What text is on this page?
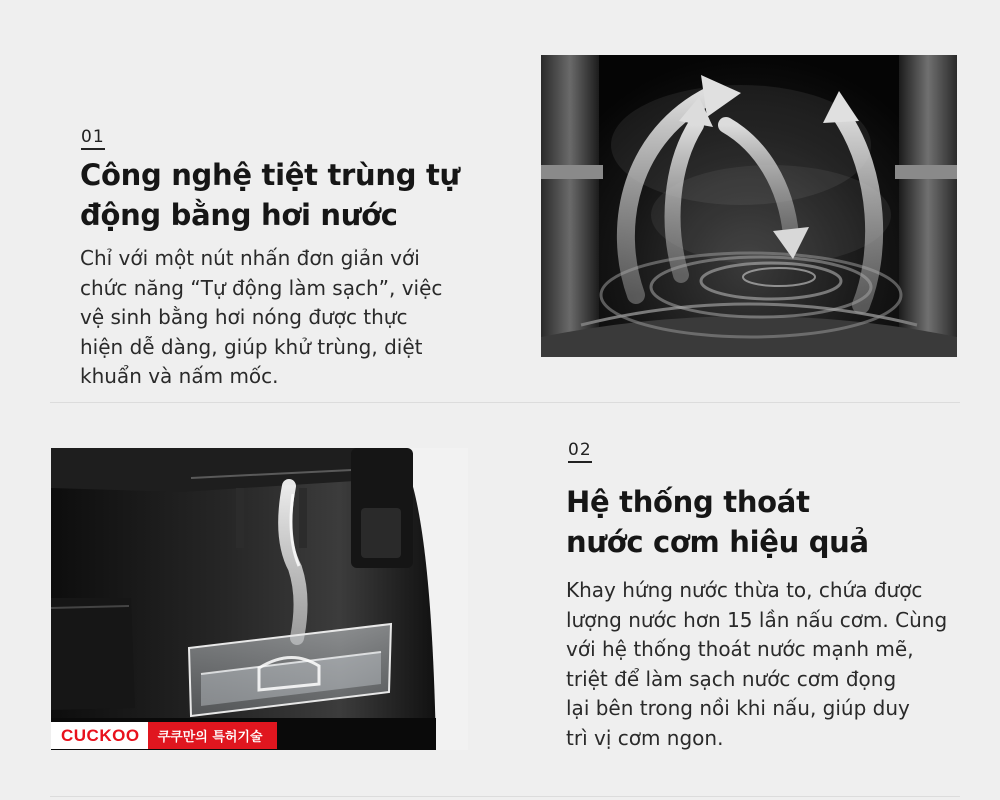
01
Công nghệ tiệt trùng tự
động bằng hơi nước
Chỉ với một nút nhấn đơn giản với
chức năng “Tự động làm sạch”, việc
vệ sinh bằng hơi nóng được thực
hiện dễ dàng, giúp khử trùng, diệt
khuẩn và nấm mốc.
CUCKOO	쿠쿠만의 특허기술
02
Hệ thống thoát
nước cơm hiệu quả
Khay hứng nước thừa to, chứa được
lượng nước hơn 15 lần nấu cơm. Cùng
với hệ thống thoát nước mạnh mẽ,
triệt để làm sạch nước cơm đọng
lại bên trong nồi khi nấu, giúp duy
trì vị cơm ngon.
